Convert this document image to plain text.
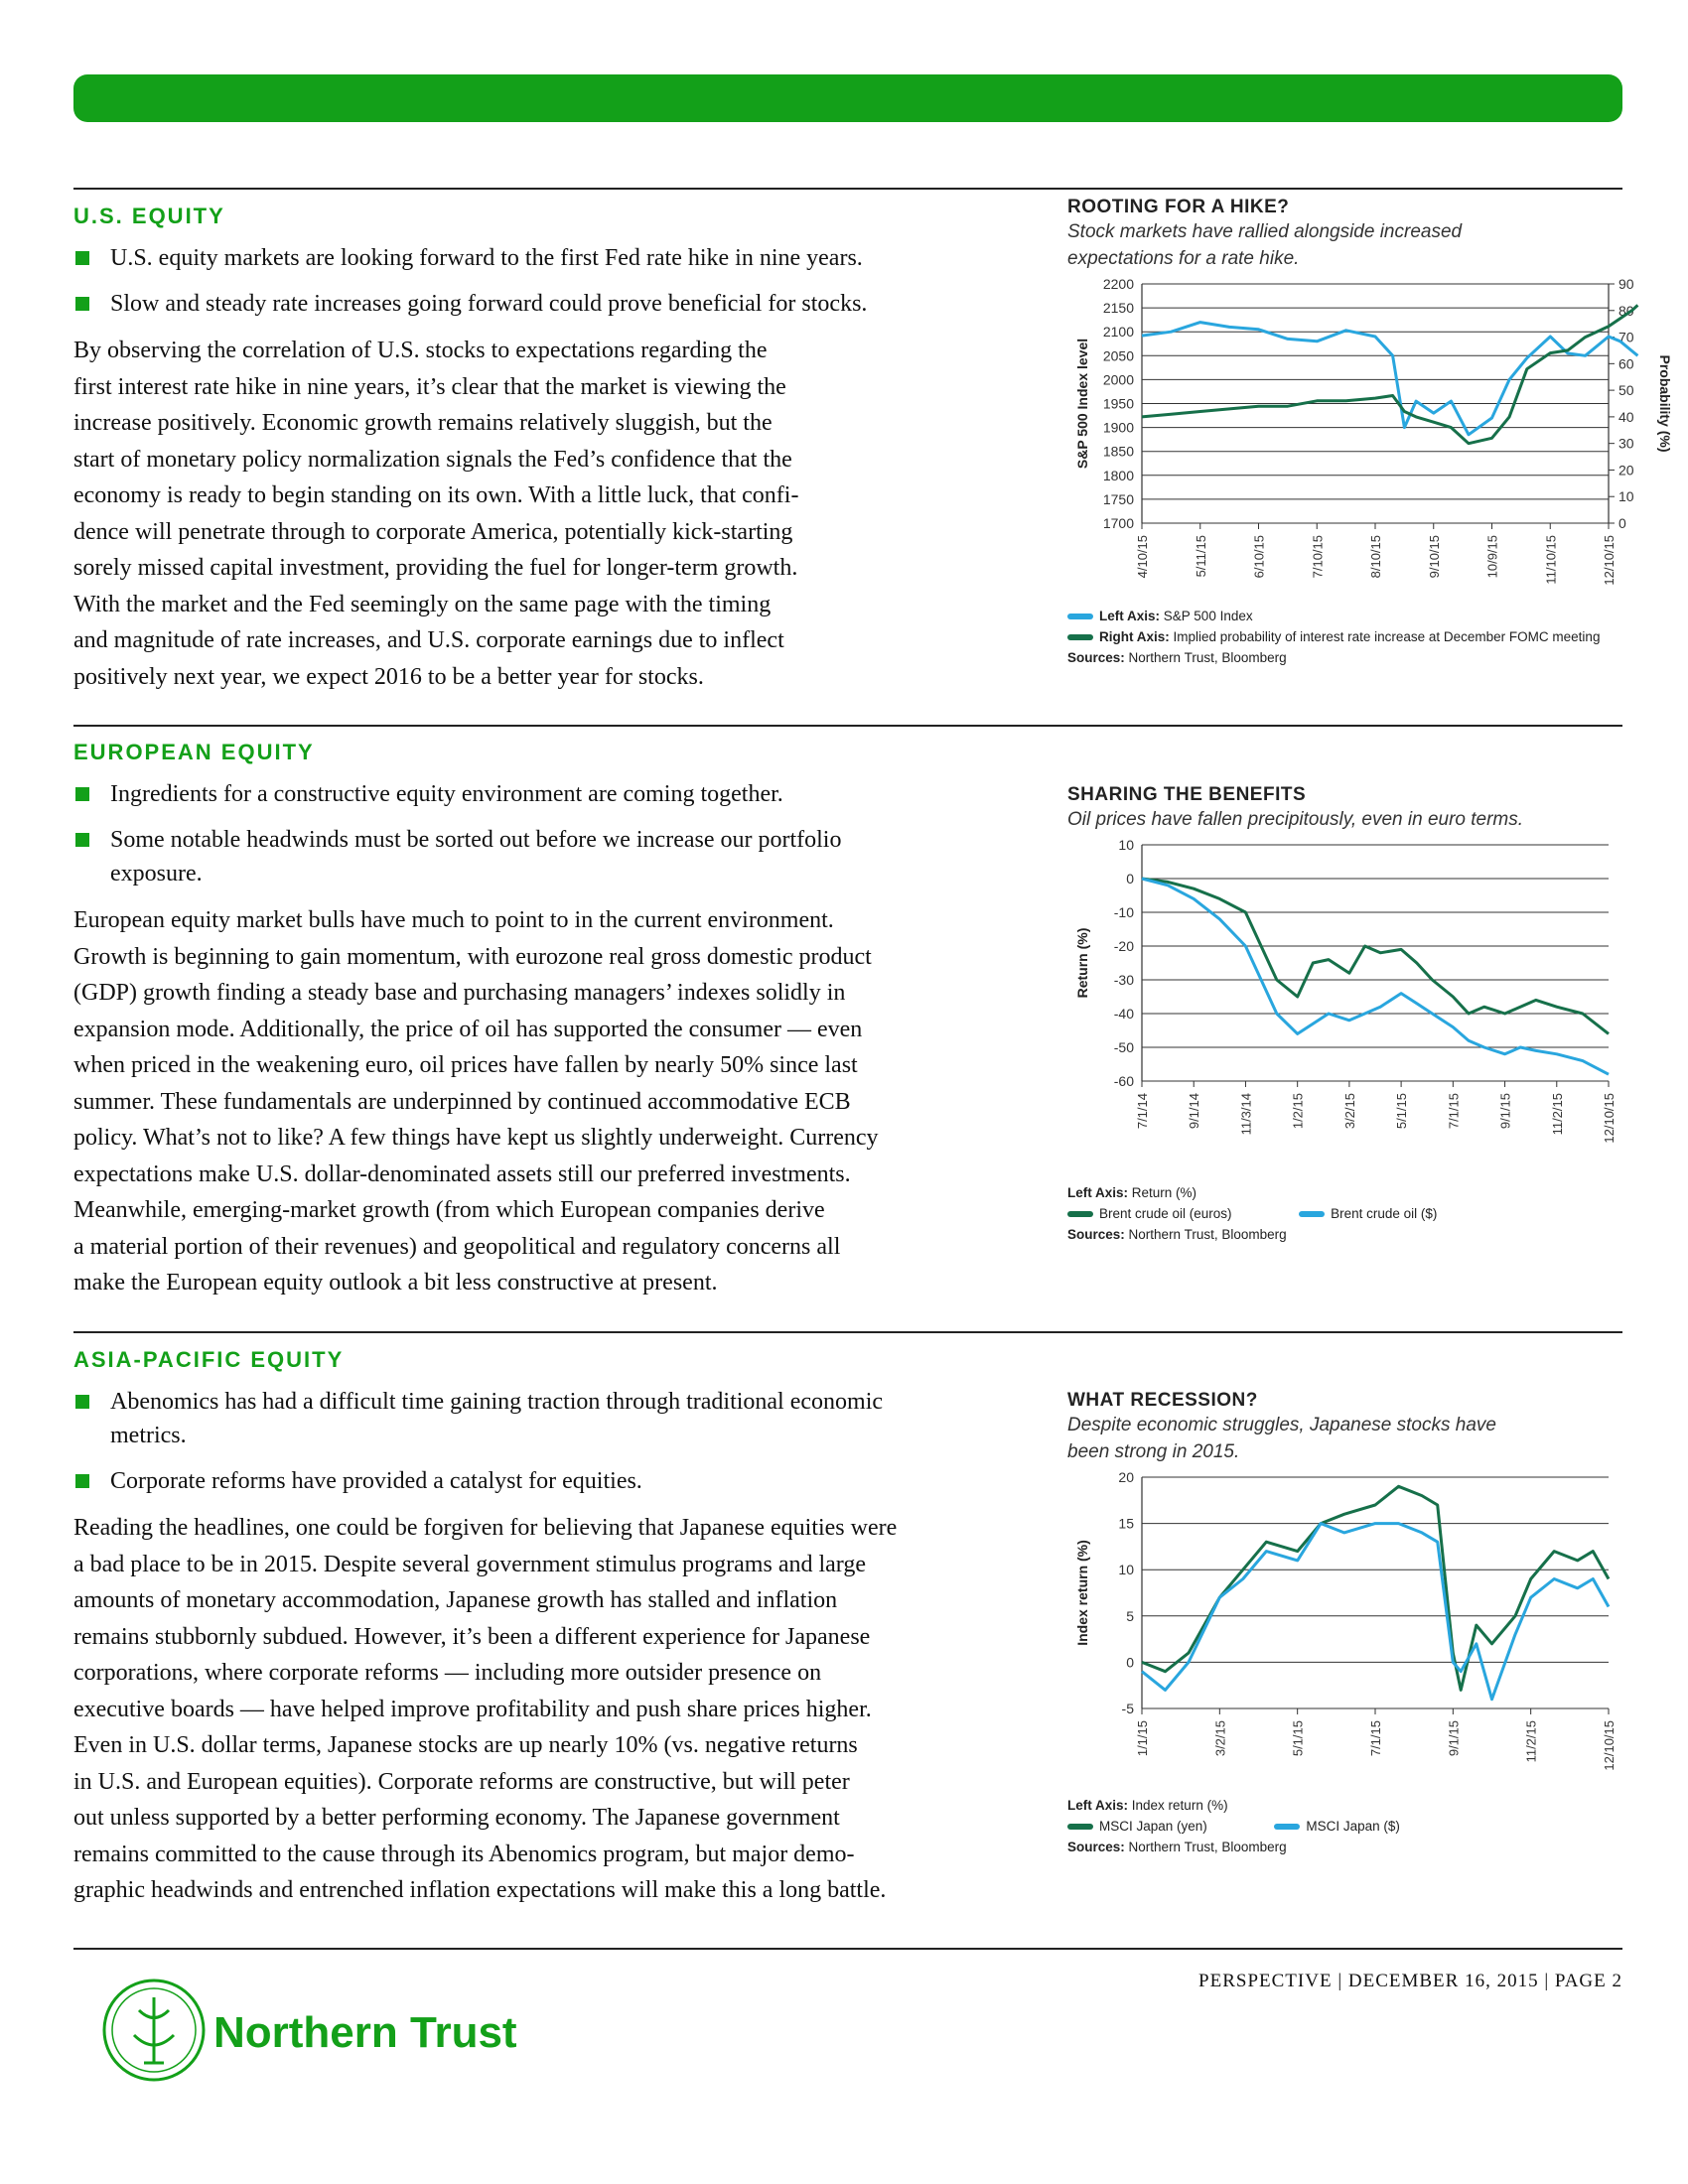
U.S. EQUITY
U.S. equity markets are looking forward to the first Fed rate hike in nine years.
Slow and steady rate increases going forward could prove beneficial for stocks.
By observing the correlation of U.S. stocks to expectations regarding the
first interest rate hike in nine years, it’s clear that the market is viewing the
increase positively. Economic growth remains relatively sluggish, but the
start of monetary policy normalization signals the Fed’s confidence that the
economy is ready to begin standing on its own. With a little luck, that confi-
dence will penetrate through to corporate America, potentially kick-starting
sorely missed capital investment, providing the fuel for longer-term growth.
With the market and the Fed seemingly on the same page with the timing
and magnitude of rate increases, and U.S. corporate earnings due to inflect
positively next year, we expect 2016 to be a better year for stocks.
EUROPEAN EQUITY
Ingredients for a constructive equity environment are coming together.
Some notable headwinds must be sorted out before we increase our portfolio exposure.
European equity market bulls have much to point to in the current environment.
Growth is beginning to gain momentum, with eurozone real gross domestic product
(GDP) growth finding a steady base and purchasing managers’ indexes solidly in
expansion mode. Additionally, the price of oil has supported the consumer — even
when priced in the weakening euro, oil prices have fallen by nearly 50% since last
summer. These fundamentals are underpinned by continued accommodative ECB
policy. What’s not to like? A few things have kept us slightly underweight. Currency
expectations make U.S. dollar-denominated assets still our preferred investments.
Meanwhile, emerging-market growth (from which European companies derive
a material portion of their revenues) and geopolitical and regulatory concerns all
make the European equity outlook a bit less constructive at present.
ASIA-PACIFIC EQUITY
Abenomics has had a difficult time gaining traction through traditional economic metrics.
Corporate reforms have provided a catalyst for equities.
Reading the headlines, one could be forgiven for believing that Japanese equities were
a bad place to be in 2015. Despite several government stimulus programs and large
amounts of monetary accommodation, Japanese growth has stalled and inflation
remains stubbornly subdued. However, it’s been a different experience for Japanese
corporations, where corporate reforms — including more outsider presence on
executive boards — have helped improve profitability and push share prices higher.
Even in U.S. dollar terms, Japanese stocks are up nearly 10% (vs. negative returns
in U.S. and European equities). Corporate reforms are constructive, but will peter
out unless supported by a better performing economy. The Japanese government
remains committed to the cause through its Abenomics program, but major demo-
graphic headwinds and entrenched inflation expectations will make this a long battle.
ROOTING FOR A HIKE?
Stock markets have rallied alongside increased expectations for a rate hike.
1700
1750
1800
1850
1900
1950
2000
2050
2100
2150
2200
0
10
20
30
40
50
60
70
80
90
Probability (%)
4/10/15	5/11/15	6/10/15	7/10/15	8/10/15	9/10/15	10/9/15	11/10/15	12/10/15
S&P 500 Index level
Left Axis: S&P 500 Index
Right Axis: Implied probability of interest rate increase at December FOMC meeting
Sources: Northern Trust, Bloomberg
SHARING THE BENEFITS
Oil prices have fallen precipitously, even in euro terms.
-60
-50
-40
-30
-20
-10
0
10
7/1/14	9/1/14	11/3/14	1/2/15	3/2/15	5/1/15	7/1/15	9/1/15	11/2/15	12/10/15
Return (%)
Left Axis: Return (%)
Brent crude oil (euros)	Brent crude oil ($)
Sources: Northern Trust, Bloomberg
WHAT RECESSION?
Despite economic struggles, Japanese stocks have been strong in 2015.
-5
0
5
10
15
20
1/1/15	3/2/15	5/1/15	7/1/15	9/1/15	11/2/15	12/10/15
Index return (%)
Left Axis: Index return (%)
MSCI Japan (yen)	MSCI Japan ($)
Sources: Northern Trust, Bloomberg
Northern Trust
PERSPECTIVE | DECEMBER 16, 2015 | PAGE 2
